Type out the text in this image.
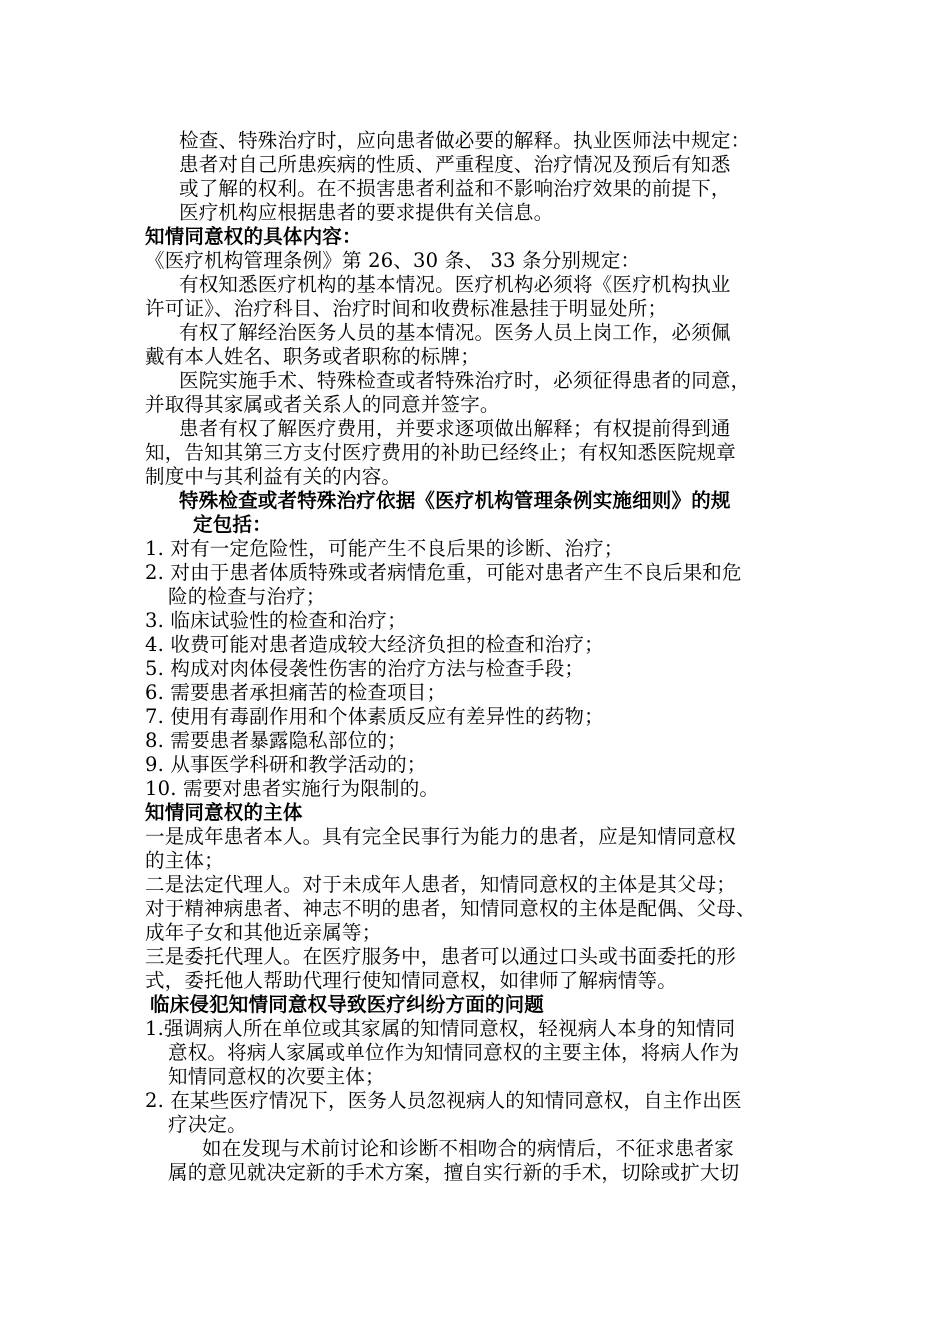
检查、特殊治疗时，应向患者做必要的解释。执业医师法中规定：
患者对自己所患疾病的性质、严重程度、治疗情况及预后有知悉
或了解的权利。在不损害患者利益和不影响治疗效果的前提下，
医疗机构应根据患者的要求提供有关信息。
知情同意权的具体内容：
《医疗机构管理条例》第 26、30 条、 33 条分别规定：
有权知悉医疗机构的基本情况。医疗机构必须将《医疗机构执业
许可证》、治疗科目、治疗时间和收费标准悬挂于明显处所；
有权了解经治医务人员的基本情况。医务人员上岗工作，必须佩
戴有本人姓名、职务或者职称的标牌；
医院实施手术、特殊检查或者特殊治疗时，必须征得患者的同意，
并取得其家属或者关系人的同意并签字。
患者有权了解医疗费用，并要求逐项做出解释；有权提前得到通
知，告知其第三方支付医疗费用的补助已经终止；有权知悉医院规章
制度中与其利益有关的内容。
特殊检查或者特殊治疗依据《医疗机构管理条例实施细则》的规
定包括：
1. 对有一定危险性，可能产生不良后果的诊断、治疗；
2. 对由于患者体质特殊或者病情危重，可能对患者产生不良后果和危
险的检查与治疗；
3. 临床试验性的检查和治疗；
4. 收费可能对患者造成较大经济负担的检查和治疗；
5. 构成对肉体侵袭性伤害的治疗方法与检查手段；
6. 需要患者承担痛苦的检查项目；
7. 使用有毒副作用和个体素质反应有差异性的药物；
8. 需要患者暴露隐私部位的；
9. 从事医学科研和教学活动的；
10. 需要对患者实施行为限制的。
知情同意权的主体
一是成年患者本人。具有完全民事行为能力的患者，应是知情同意权
的主体；
二是法定代理人。对于未成年人患者，知情同意权的主体是其父母；
对于精神病患者、神志不明的患者，知情同意权的主体是配偶、父母、
成年子女和其他近亲属等；
三是委托代理人。在医疗服务中，患者可以通过口头或书面委托的形
式，委托他人帮助代理行使知情同意权，如律师了解病情等。
临床侵犯知情同意权导致医疗纠纷方面的问题
1.强调病人所在单位或其家属的知情同意权，轻视病人本身的知情同
意权。将病人家属或单位作为知情同意权的主要主体，将病人作为
知情同意权的次要主体；
2. 在某些医疗情况下，医务人员忽视病人的知情同意权，自主作出医
疗决定。
如在发现与术前讨论和诊断不相吻合的病情后，不征求患者家
属的意见就决定新的手术方案，擅自实行新的手术，切除或扩大切
